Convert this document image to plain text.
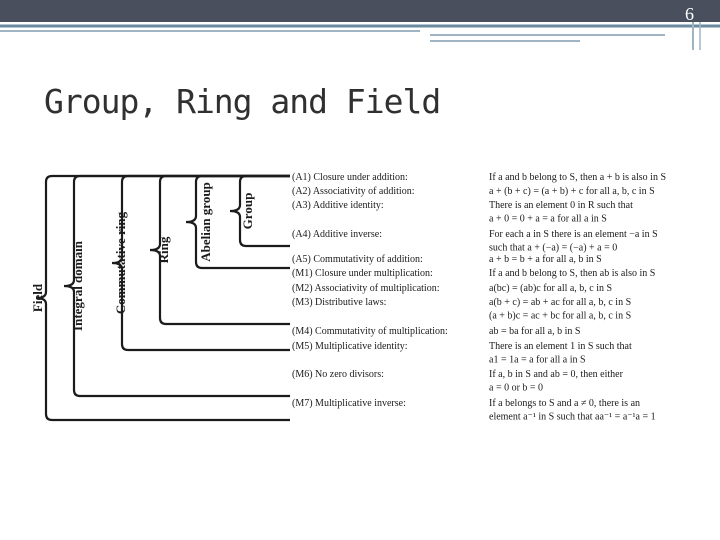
6
Group, Ring and Field
Field Integral domain Commutative ring Ring Abelian group Group
(A1) Closure under addition:	If a and b belong to S, then a + b is also in S
(A2) Associativity of addition:	a + (b + c) = (a + b) + c for all a, b, c in S
(A3) Additive identity:	There is an element 0 in R such that
a + 0 = 0 + a = a for all a in S
(A4) Additive inverse:	For each a in S there is an element −a in S
such that a + (−a) = (−a) + a = 0
(A5) Commutativity of addition:	a + b = b + a for all a, b in S
(M1) Closure under multiplication:	If a and b belong to S, then ab is also in S
(M2) Associativity of multiplication:	a(bc) = (ab)c for all a, b, c in S
(M3) Distributive laws:	a(b + c) = ab + ac for all a, b, c in S
(a + b)c = ac + bc for all a, b, c in S
(M4) Commutativity of multiplication:	ab = ba for all a, b in S
(M5) Multiplicative identity:	There is an element 1 in S such that
a1 = 1a = a for all a in S
(M6) No zero divisors:	If a, b in S and ab = 0, then either
a = 0 or b = 0
(M7) Multiplicative inverse:	If a belongs to S and a ≠ 0, there is an
element a⁻¹ in S such that aa⁻¹ = a⁻¹a = 1
